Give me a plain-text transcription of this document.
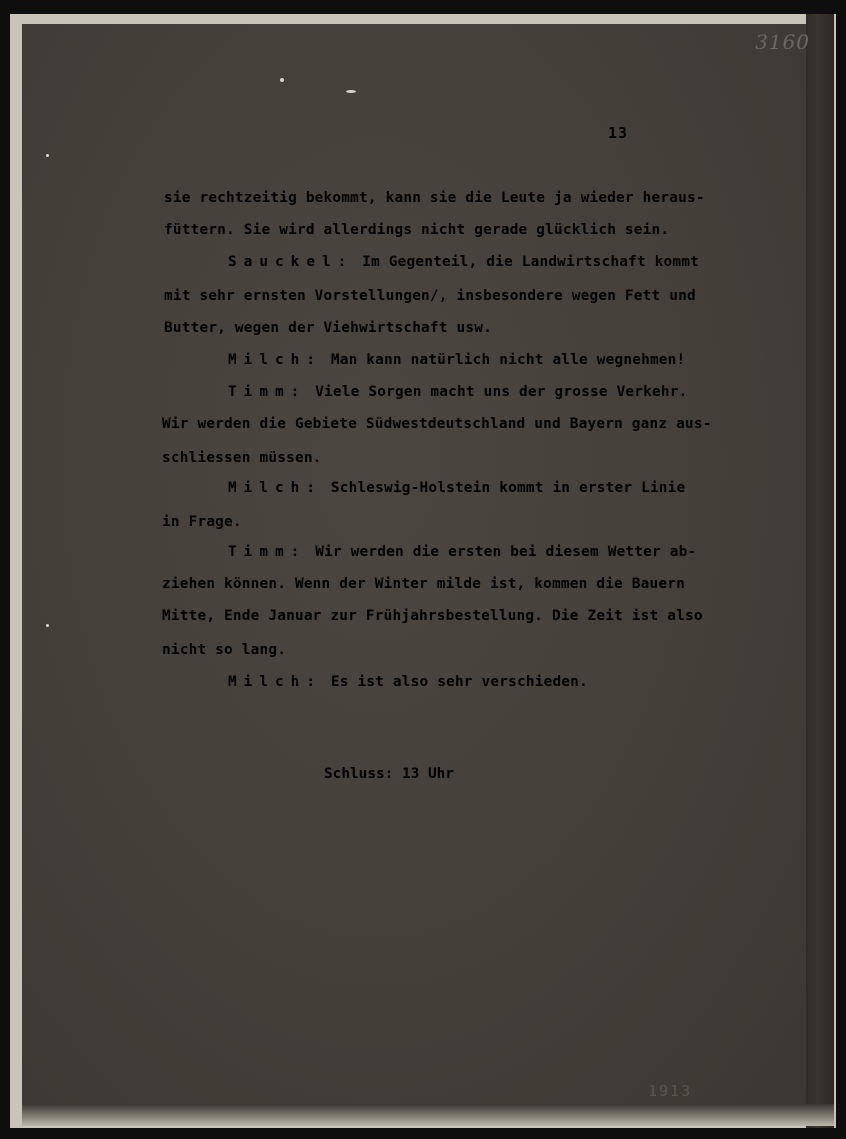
3160
13
sie rechtzeitig bekommt, kann sie die Leute ja wieder heraus-
füttern. Sie wird allerdings nicht gerade glücklich sein.
Sauckel: Im Gegenteil, die Landwirtschaft kommt
mit sehr ernsten Vorstellungen/, insbesondere wegen Fett und
Butter, wegen der Viehwirtschaft usw.
Milch: Man kann natürlich nicht alle wegnehmen!
Timm: Viele Sorgen macht uns der grosse Verkehr.
Wir werden die Gebiete Südwestdeutschland und Bayern ganz aus-
schliessen müssen.
Milch: Schleswig-Holstein kommt in erster Linie
in Frage.
Timm: Wir werden die ersten bei diesem Wetter ab-
ziehen können. Wenn der Winter milde ist, kommen die Bauern
Mitte, Ende Januar zur Frühjahrsbestellung. Die Zeit ist also
nicht so lang.
Milch: Es ist also sehr verschieden.
Schluss: 13 Uhr
1913
